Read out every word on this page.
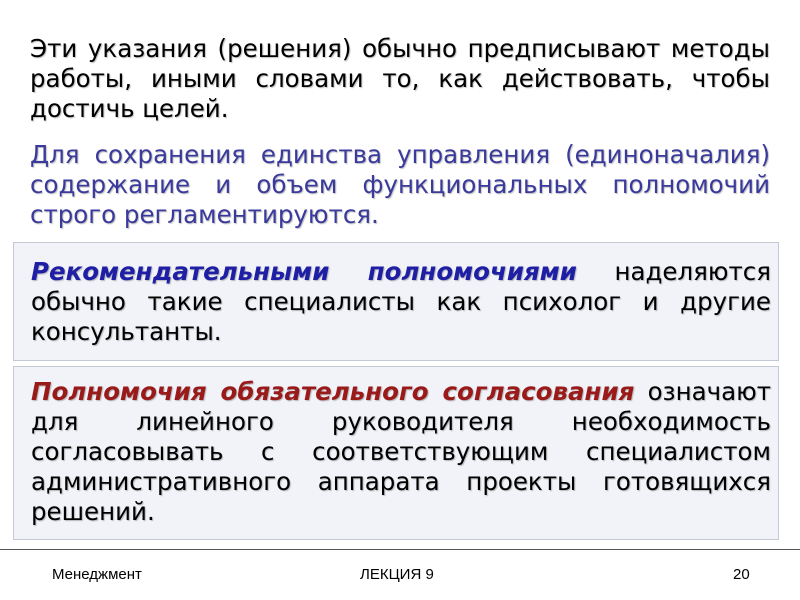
Эти указания (решения) обычно предписывают методы работы, иными словами то, как действовать, чтобы достичь целей.
Для сохранения единства управления (единоначалия) содержание и объем функциональных полномочий строго регламентируются.
Рекомендательными полномочиями наделяются обычно такие специалисты как психолог и другие консультанты.
Полномочия обязательного согласования означают для линейного руководителя необходимость согласовывать с соответствующим специалистом административного аппарата проекты готовящихся решений.
Менеджмент	ЛЕКЦИЯ 9	20
